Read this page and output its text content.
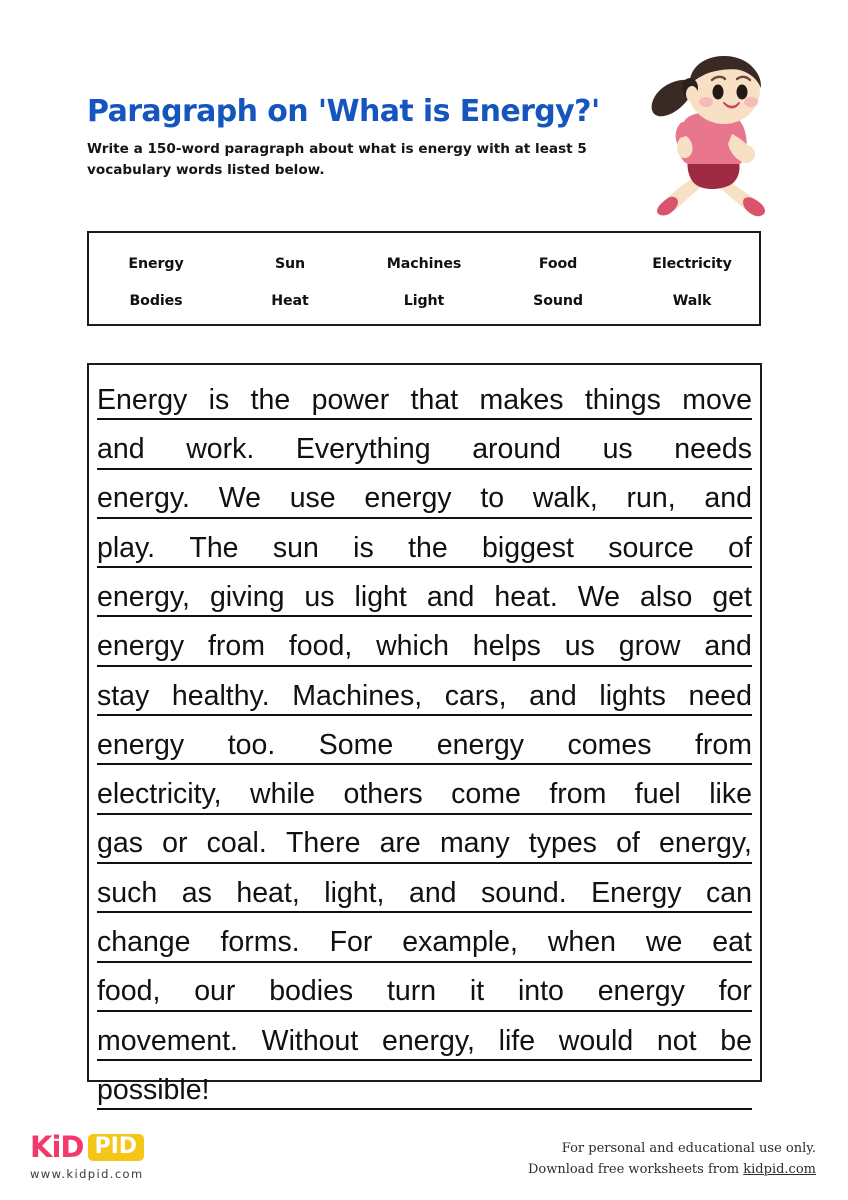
Paragraph on 'What is Energy?'

Write a 150-word paragraph about what is energy with at least 5 vocabulary words listed below.

Energy	Sun	Machines	Food	Electricity
Bodies	Heat	Light	Sound	Walk
Energy is the power that makes things move
and work. Everything around us needs
energy. We use energy to walk, run, and
play. The sun is the biggest source of
energy, giving us light and heat. We also get
energy from food, which helps us grow and
stay healthy. Machines, cars, and lights need
energy too. Some energy comes from
electricity, while others come from fuel like
gas or coal. There are many types of energy,
such as heat, light, and sound. Energy can
change forms. For example, when we eat
food, our bodies turn it into energy for
movement. Without energy, life would not be
possible!
KiD PID
www.kidpid.com
For personal and educational use only.
Download free worksheets from kidpid.com
